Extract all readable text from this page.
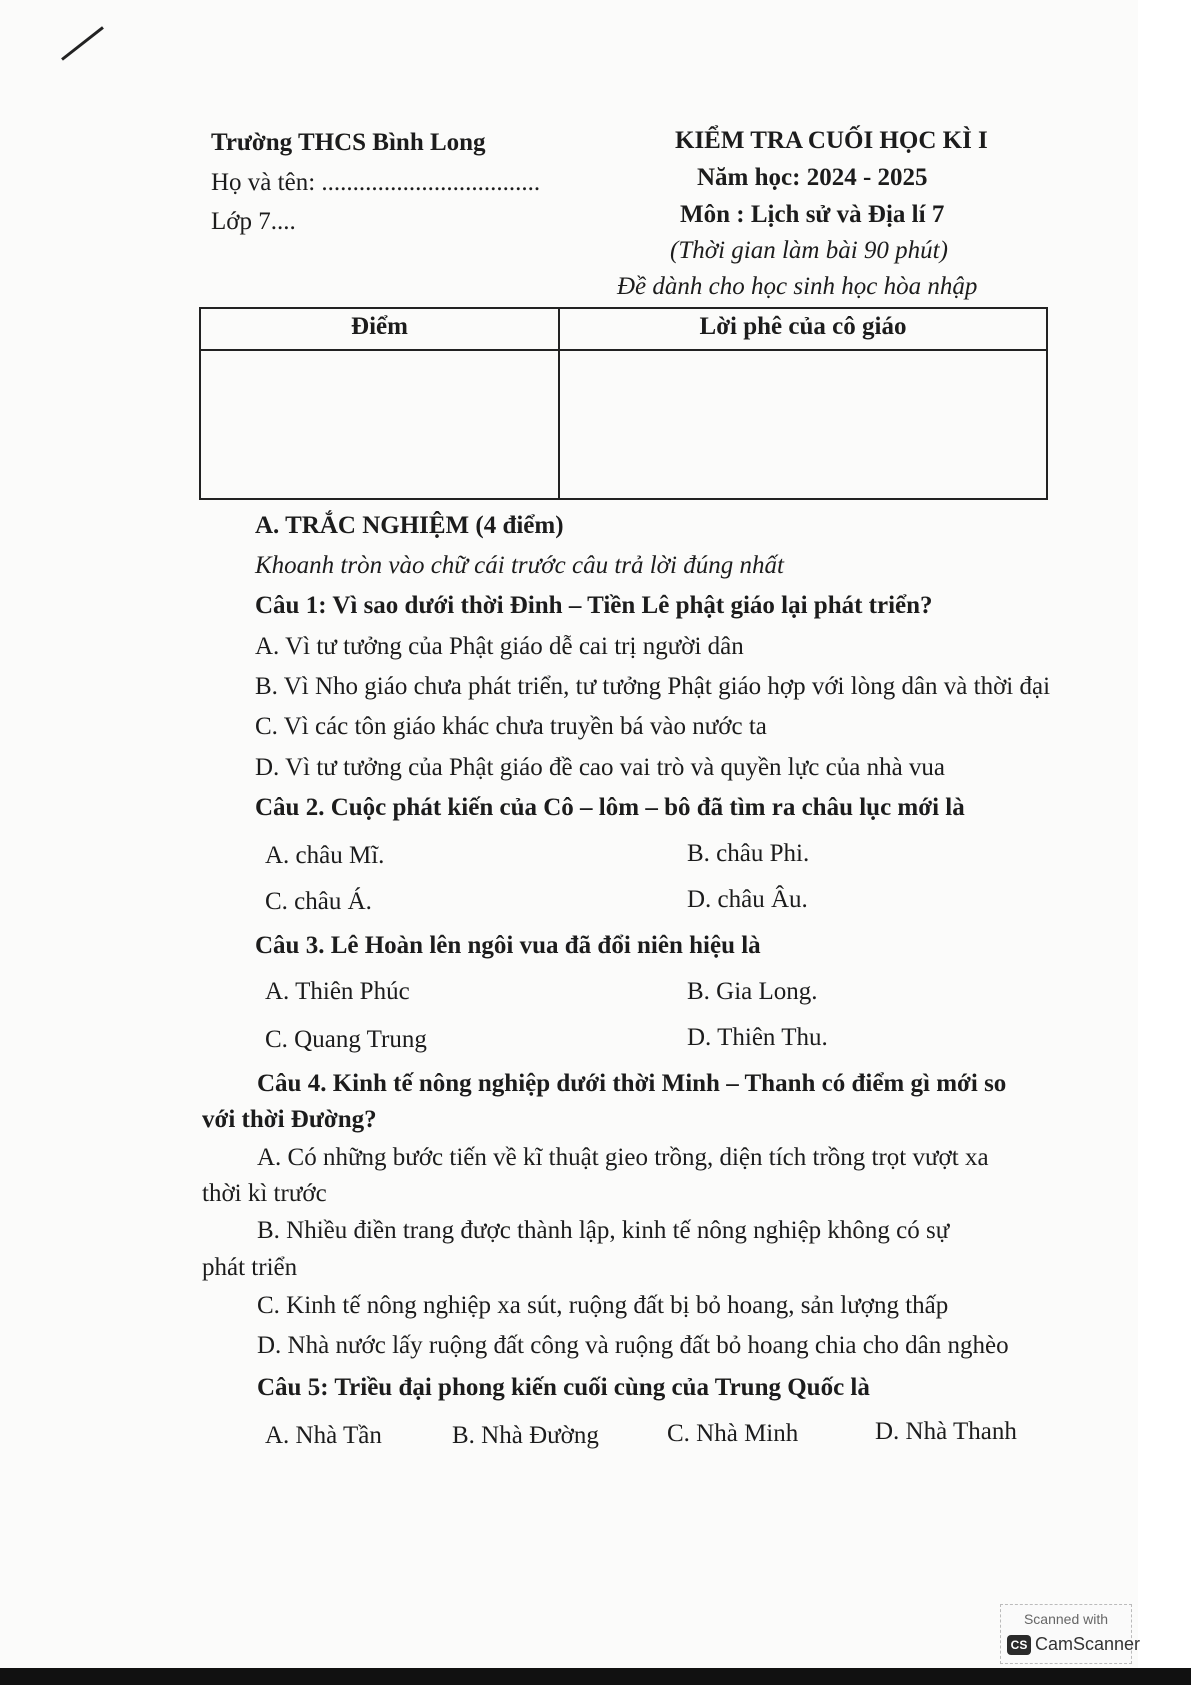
Trường THCS Bình Long
Họ và tên: ...................................
Lớp 7....
KIỂM TRA CUỐI HỌC KÌ I
Năm học: 2024 - 2025
Môn : Lịch sử và Địa lí 7
(Thời gian làm bài 90 phút)
Đề dành cho học sinh học hòa nhập
Điểm	Lời phê của cô giáo
A. TRẮC NGHIỆM (4 điểm)
Khoanh tròn vào chữ cái trước câu trả lời đúng nhất
Câu 1: Vì sao dưới thời Đinh – Tiền Lê phật giáo lại phát triển?
A. Vì tư tưởng của Phật giáo dễ cai trị người dân
B. Vì Nho giáo chưa phát triển, tư tưởng Phật giáo hợp với lòng dân và thời đại
C. Vì các tôn giáo khác chưa truyền bá vào nước ta
D. Vì tư tưởng của Phật giáo đề cao vai trò và quyền lực của nhà vua
Câu 2. Cuộc phát kiến của Cô – lôm – bô đã tìm ra châu lục mới là
A. châu Mĩ.	B. châu Phi.
C. châu Á.	D. châu Âu.
Câu 3. Lê Hoàn lên ngôi vua đã đổi niên hiệu là
A. Thiên Phúc	B. Gia Long.
C. Quang Trung	D. Thiên Thu.
Câu 4. Kinh tế nông nghiệp dưới thời Minh – Thanh có điểm gì mới so
với thời Đường?
A. Có những bước tiến về kĩ thuật gieo trồng, diện tích trồng trọt vượt xa
thời kì trước
B. Nhiều điền trang được thành lập, kinh tế nông nghiệp không có sự
phát triển
C. Kinh tế nông nghiệp xa sút, ruộng đất bị bỏ hoang, sản lượng thấp
D. Nhà nước lấy ruộng đất công và ruộng đất bỏ hoang chia cho dân nghèo
Câu 5: Triều đại phong kiến cuối cùng của Trung Quốc là
A. Nhà Tần	B. Nhà Đường	C. Nhà Minh	D. Nhà Thanh
Scanned with
CS CamScanner
